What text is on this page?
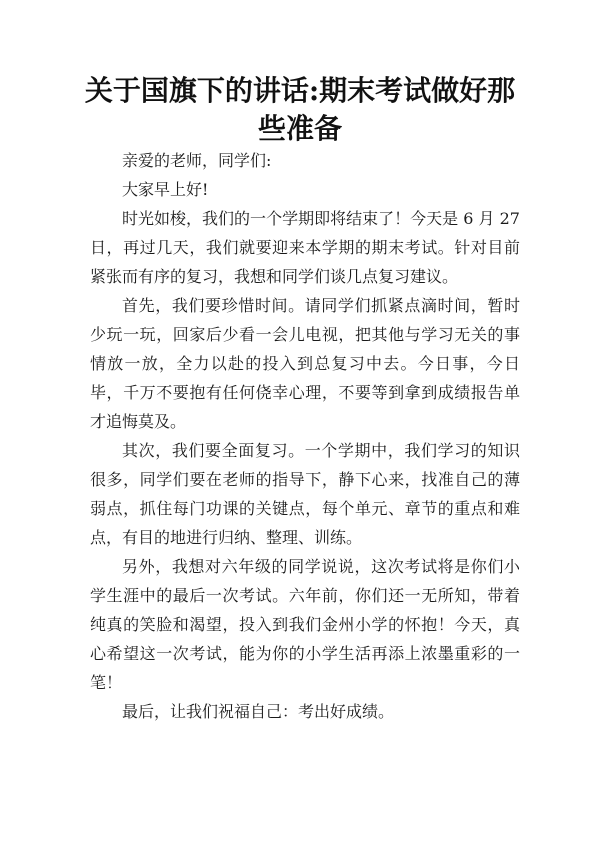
关于国旗下的讲话:期末考试做好那些准备

亲爱的老师，同学们:

大家早上好!

时光如梭，我们的一个学期即将结束了！今天是 6 月 27 日，再过几天，我们就要迎来本学期的期末考试。针对目前紧张而有序的复习，我想和同学们谈几点复习建议。

首先，我们要珍惜时间。请同学们抓紧点滴时间，暂时少玩一玩，回家后少看一会儿电视，把其他与学习无关的事情放一放，全力以赴的投入到总复习中去。今日事，今日毕，千万不要抱有任何侥幸心理，不要等到拿到成绩报告单才追悔莫及。

其次，我们要全面复习。一个学期中，我们学习的知识很多，同学们要在老师的指导下，静下心来，找准自己的薄弱点，抓住每门功课的关键点，每个单元、章节的重点和难点，有目的地进行归纳、整理、训练。

另外，我想对六年级的同学说说，这次考试将是你们小学生涯中的最后一次考试。六年前，你们还一无所知，带着纯真的笑脸和渴望，投入到我们金州小学的怀抱！今天，真心希望这一次考试，能为你的小学生活再添上浓墨重彩的一笔！

最后，让我们祝福自己：考出好成绩。
